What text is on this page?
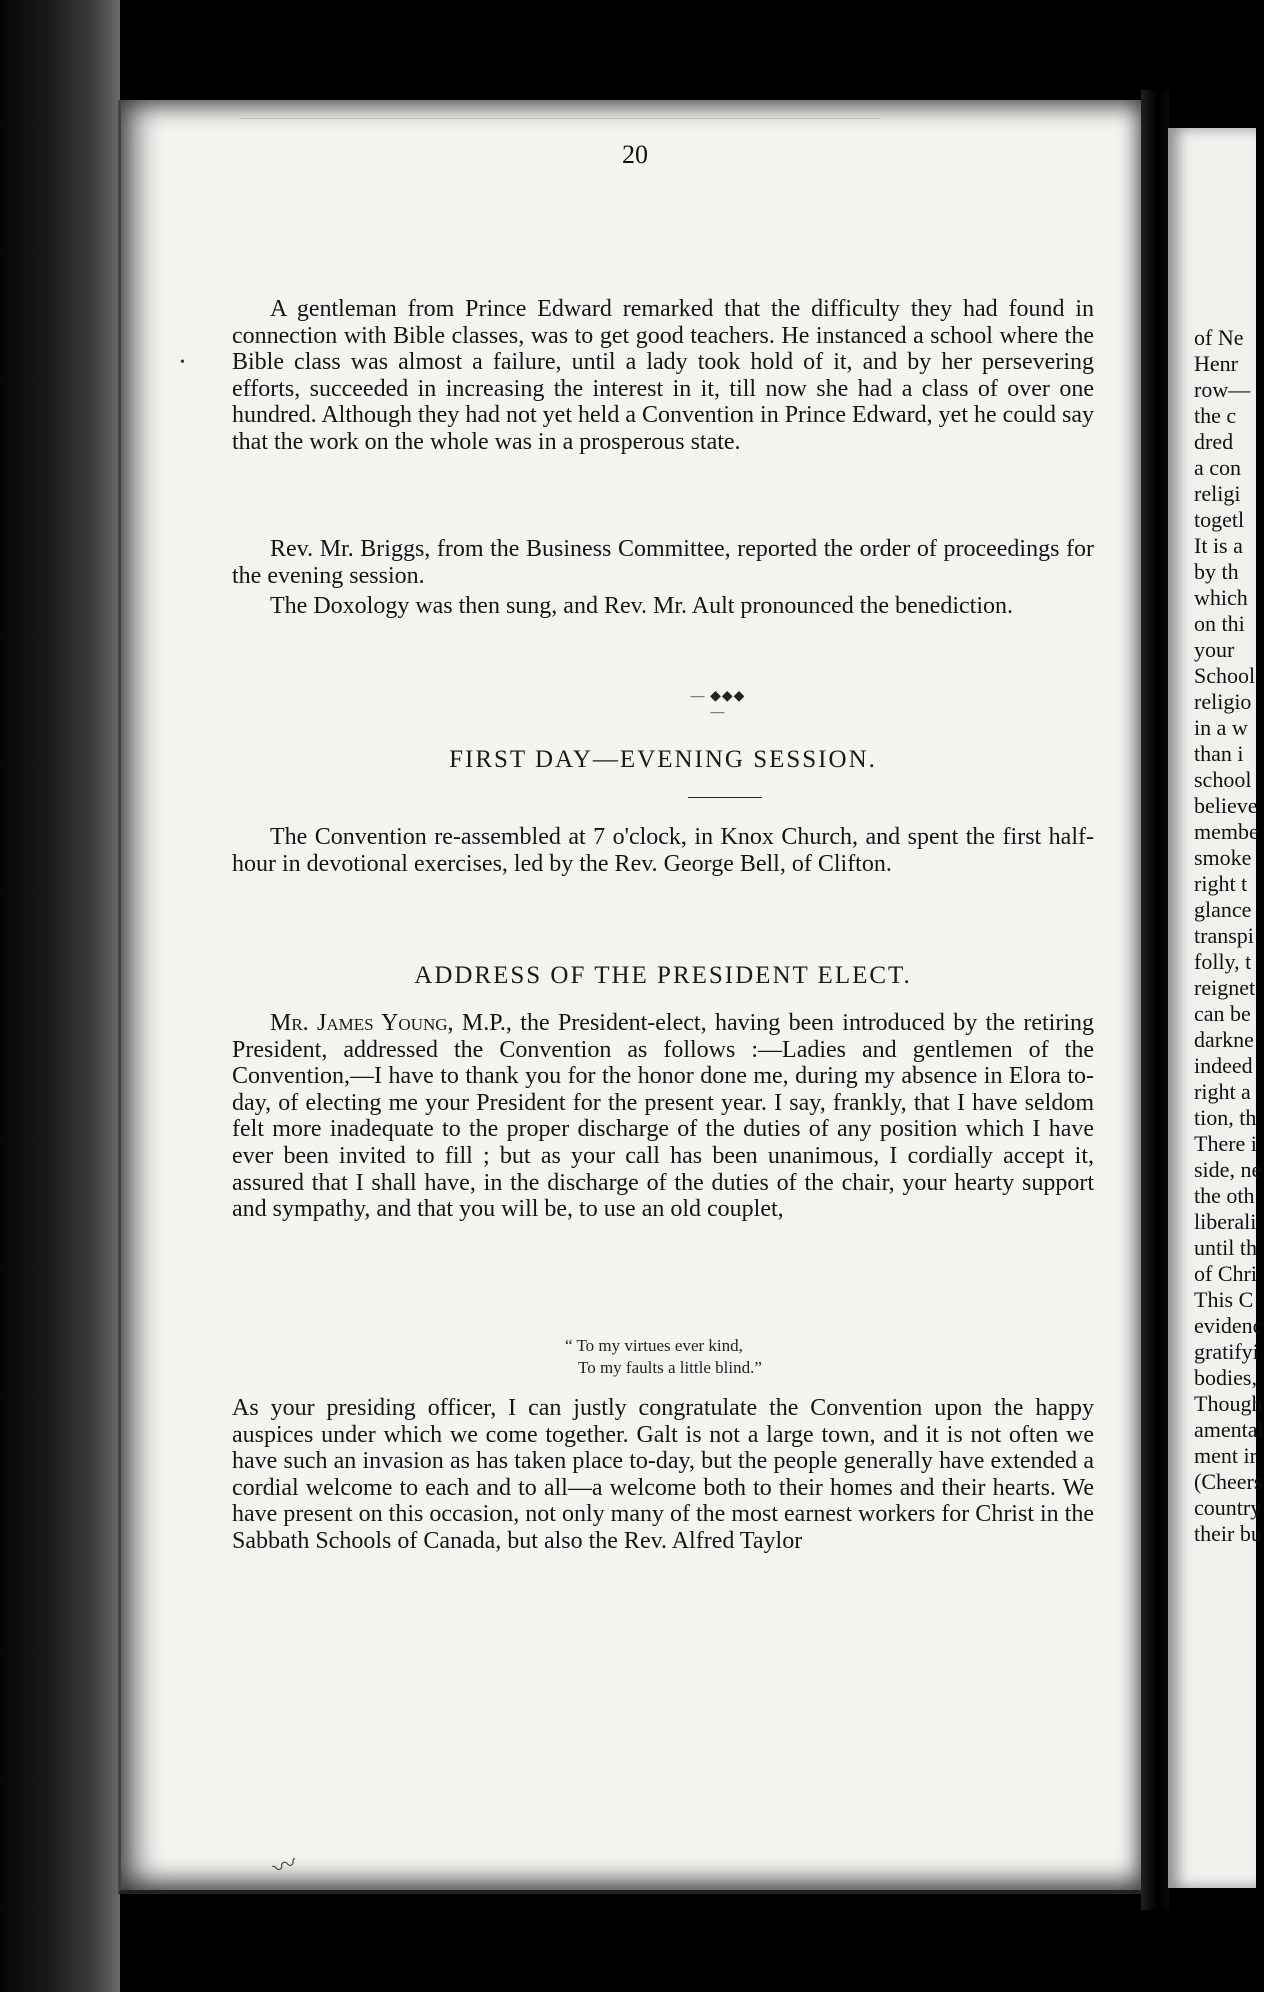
20

A gentleman from Prince Edward remarked that the difficulty they had found in connection with Bible classes, was to get good teachers. He instanced a school where the Bible class was almost a failure, until a lady took hold of it, and by her persevering efforts, succeeded in increasing the interest in it, till now she had a class of over one hundred. Although they had not yet held a Convention in Prince Edward, yet he could say that the work on the whole was in a prosperous state.

Rev. Mr. Briggs, from the Business Committee, reported the order of proceedings for the evening session.

The Doxology was then sung, and Rev. Mr. Ault pronounced the benediction.

— ◆◆◆ —
FIRST DAY—EVENING SESSION.

The Convention re-assembled at 7 o'clock, in Knox Church, and spent the first half-hour in devotional exercises, led by the Rev. George Bell, of Clifton.

ADDRESS OF THE PRESIDENT ELECT.

Mr. James Young, M.P., the President-elect, having been introduced by the retiring President, addressed the Convention as follows :—Ladies and gentlemen of the Convention,—I have to thank you for the honor done me, during my absence in Elora to-day, of electing me your President for the present year. I say, frankly, that I have seldom felt more inadequate to the proper discharge of the duties of any position which I have ever been invited to fill ; but as your call has been unanimous, I cordially accept it, assured that I shall have, in the discharge of the duties of the chair, your hearty support and sympathy, and that you will be, to use an old couplet,

“ To my virtues ever kind,
To my faults a little blind.”

As your presiding officer, I can justly congratulate the Convention upon the happy auspices under which we come together. Galt is not a large town, and it is not often we have such an invasion as has taken place to-day, but the people generally have extended a cordial welcome to each and to all—a welcome both to their homes and their hearts. We have present on this occasion, not only many of the most earnest workers for Christ in the Sabbath Schools of Canada, but also the Rev. Alfred Taylor

•
〰
of Ne
Henr
row—
the c
dred
a con
religi
togetl
It is a
by th
which
on thi
your
School
religio
in a w
than i
school
believe
membe
smoke
right t
glance
transpi
folly, t
reignet
can be
darkne
indeed
right a
tion, th
There i
side, ne
the oth
liberali
until th
of Chri
This C
evidenc
gratifyi
bodies,
Though
amental
ment ir
(Cheers
country
their bu
